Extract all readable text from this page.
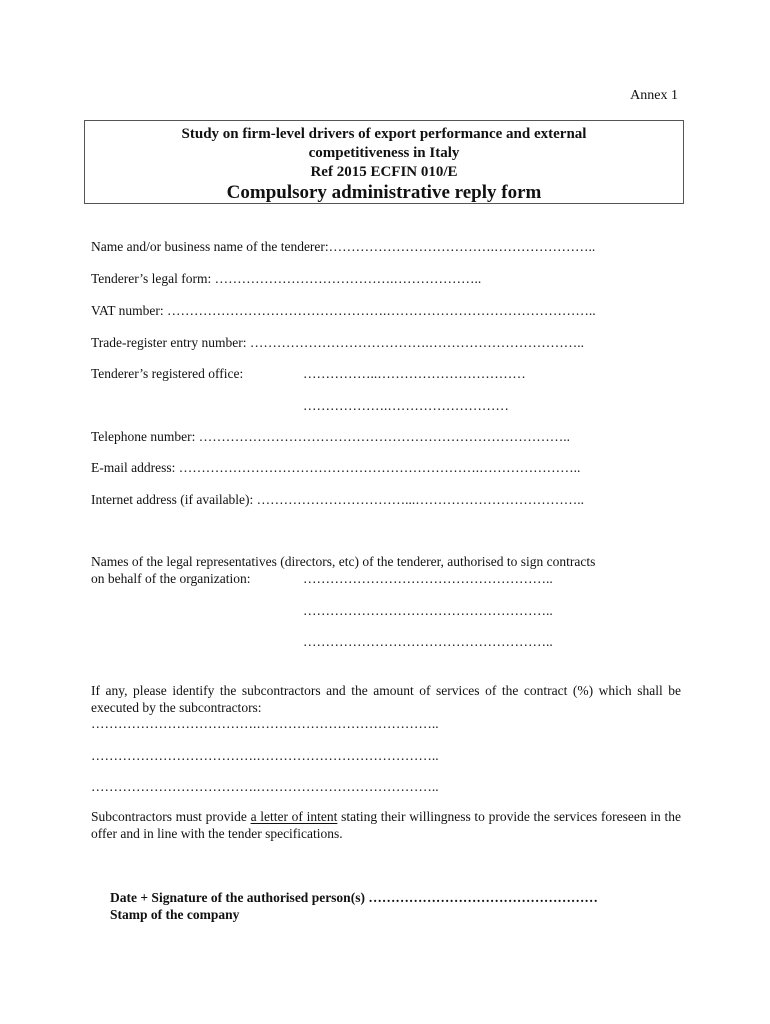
Annex 1
Study on firm-level drivers of export performance and external
competitiveness in Italy
Ref 2015 ECFIN 010/E
Compulsory administrative reply form
Name and/or business name of the tenderer:……………………………….…………………..
Tenderer’s legal form: ………………………………….………………..
VAT number: ………………………………………….………………………………………..
Trade-register entry number: ………………………………….……………………………..
Tenderer’s registered office:	……………..……………………………
……………….………………………
Telephone number: ………………………………………………………………………..
E-mail address: ………………………………………………………….…………………..
Internet address (if available): ……………………………...………………………………..
Names of the legal representatives (directors, etc) of the tenderer, authorised to sign contracts
on behalf of the organization:	………………………………………………..
………………………………………………..
………………………………………………..
If any, please identify the subcontractors and the amount of services of the contract (%) which shall be executed by the subcontractors:
……………………………….…………………………………..
……………………………….…………………………………..
……………………………….…………………………………..
Subcontractors must provide a letter of intent stating their willingness to provide the services foreseen in the offer and in line with the tender specifications.
Date + Signature of the authorised person(s) ……………………………………………
Stamp of the company
